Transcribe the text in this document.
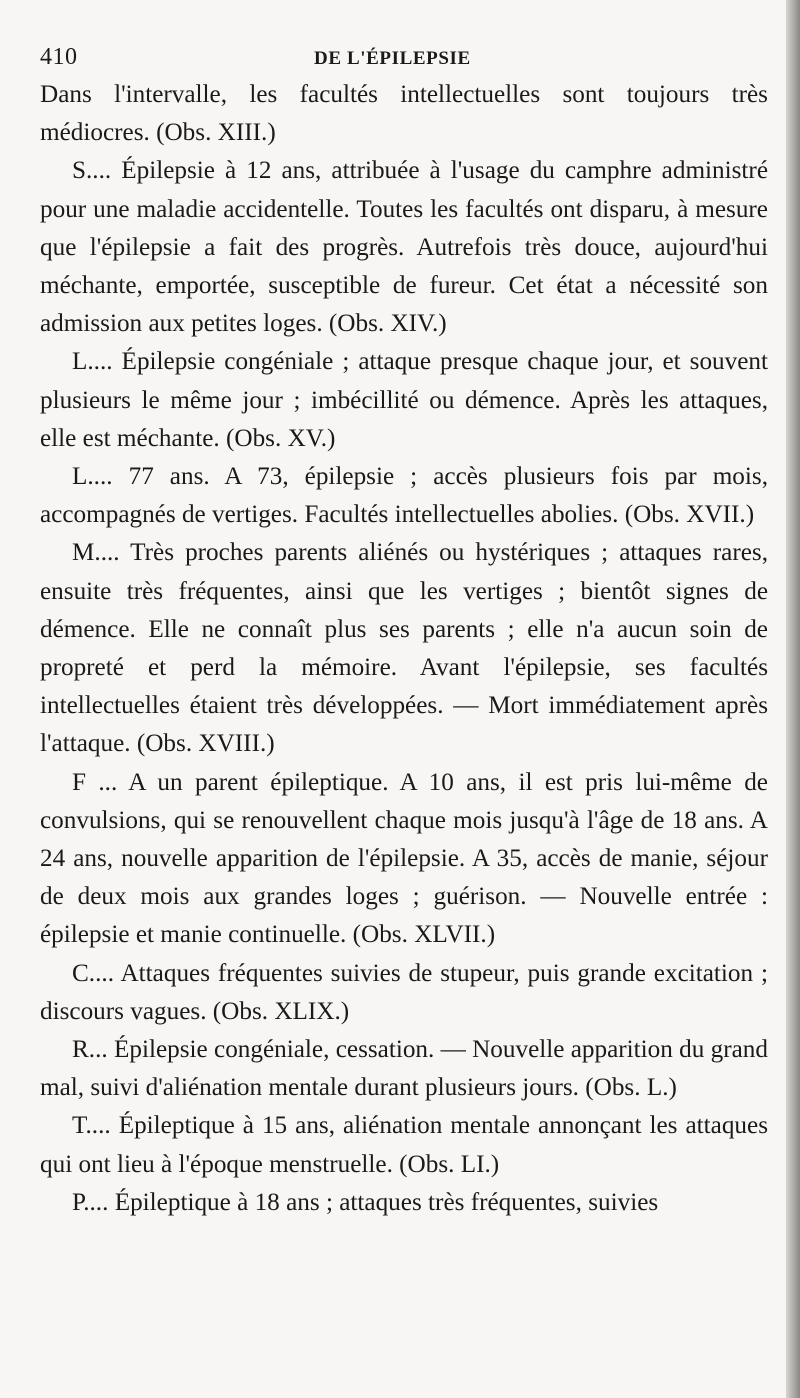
410	DE L'ÉPILEPSIE

Dans l'intervalle, les facultés intellectuelles sont toujours très médiocres. (Obs. XIII.)

S.... Épilepsie à 12 ans, attribuée à l'usage du camphre administré pour une maladie accidentelle. Toutes les facultés ont disparu, à mesure que l'épilepsie a fait des progrès. Autrefois très douce, aujourd'hui méchante, emportée, susceptible de fureur. Cet état a nécessité son admission aux petites loges. (Obs. XIV.)

L.... Épilepsie congéniale ; attaque presque chaque jour, et souvent plusieurs le même jour ; imbécillité ou démence. Après les attaques, elle est méchante. (Obs. XV.)

L.... 77 ans. A 73, épilepsie ; accès plusieurs fois par mois, accompagnés de vertiges. Facultés intellectuelles abolies. (Obs. XVII.)

M.... Très proches parents aliénés ou hystériques ; attaques rares, ensuite très fréquentes, ainsi que les vertiges ; bientôt signes de démence. Elle ne connaît plus ses parents ; elle n'a aucun soin de propreté et perd la mémoire. Avant l'épilepsie, ses facultés intellectuelles étaient très développées. — Mort immédiatement après l'attaque. (Obs. XVIII.)

F ... A un parent épileptique. A 10 ans, il est pris lui-même de convulsions, qui se renouvellent chaque mois jusqu'à l'âge de 18 ans. A 24 ans, nouvelle apparition de l'épilepsie. A 35, accès de manie, séjour de deux mois aux grandes loges ; guérison. — Nouvelle entrée : épilepsie et manie continuelle. (Obs. XLVII.)

C.... Attaques fréquentes suivies de stupeur, puis grande excitation ; discours vagues. (Obs. XLIX.)

R... Épilepsie congéniale, cessation. — Nouvelle apparition du grand mal, suivi d'aliénation mentale durant plusieurs jours. (Obs. L.)

T.... Épileptique à 15 ans, aliénation mentale annonçant les attaques qui ont lieu à l'époque menstruelle. (Obs. LI.)

P.... Épileptique à 18 ans ; attaques très fréquentes, suivies
